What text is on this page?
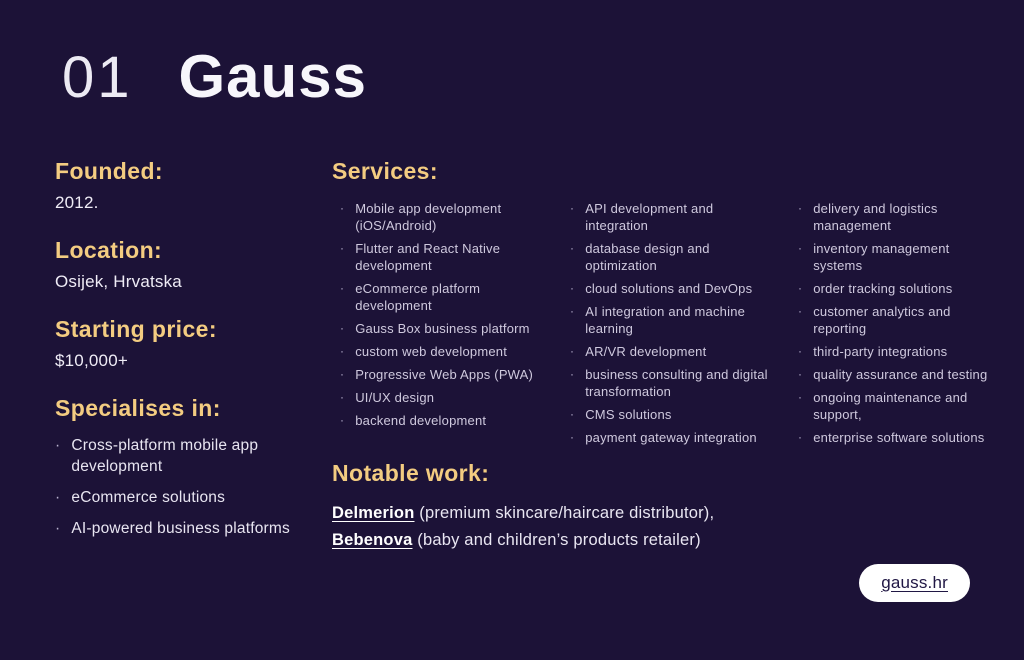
01 Gauss
Founded:
2012.
Location:
Osijek, Hrvatska
Starting price:
$10,000+
Specialises in:
· Cross-platform mobile app development
· eCommerce solutions
· AI-powered business platforms
Services:
· Mobile app development (iOS/Android)
· Flutter and React Native development
· eCommerce platform development
· Gauss Box business platform
· custom web development
· Progressive Web Apps (PWA)
· UI/UX design
· backend development
· API development and integration
· database design and optimization
· cloud solutions and DevOps
· AI integration and machine learning
· AR/VR development
· business consulting and digital transformation
· CMS solutions
· payment gateway integration
· delivery and logistics management
· inventory management systems
· order tracking solutions
· customer analytics and reporting
· third-party integrations
· quality assurance and testing
· ongoing maintenance and support,
· enterprise software solutions
Notable work:
Delmerion (premium skincare/haircare distributor),
Bebenova (baby and children’s products retailer)
gauss.hr
